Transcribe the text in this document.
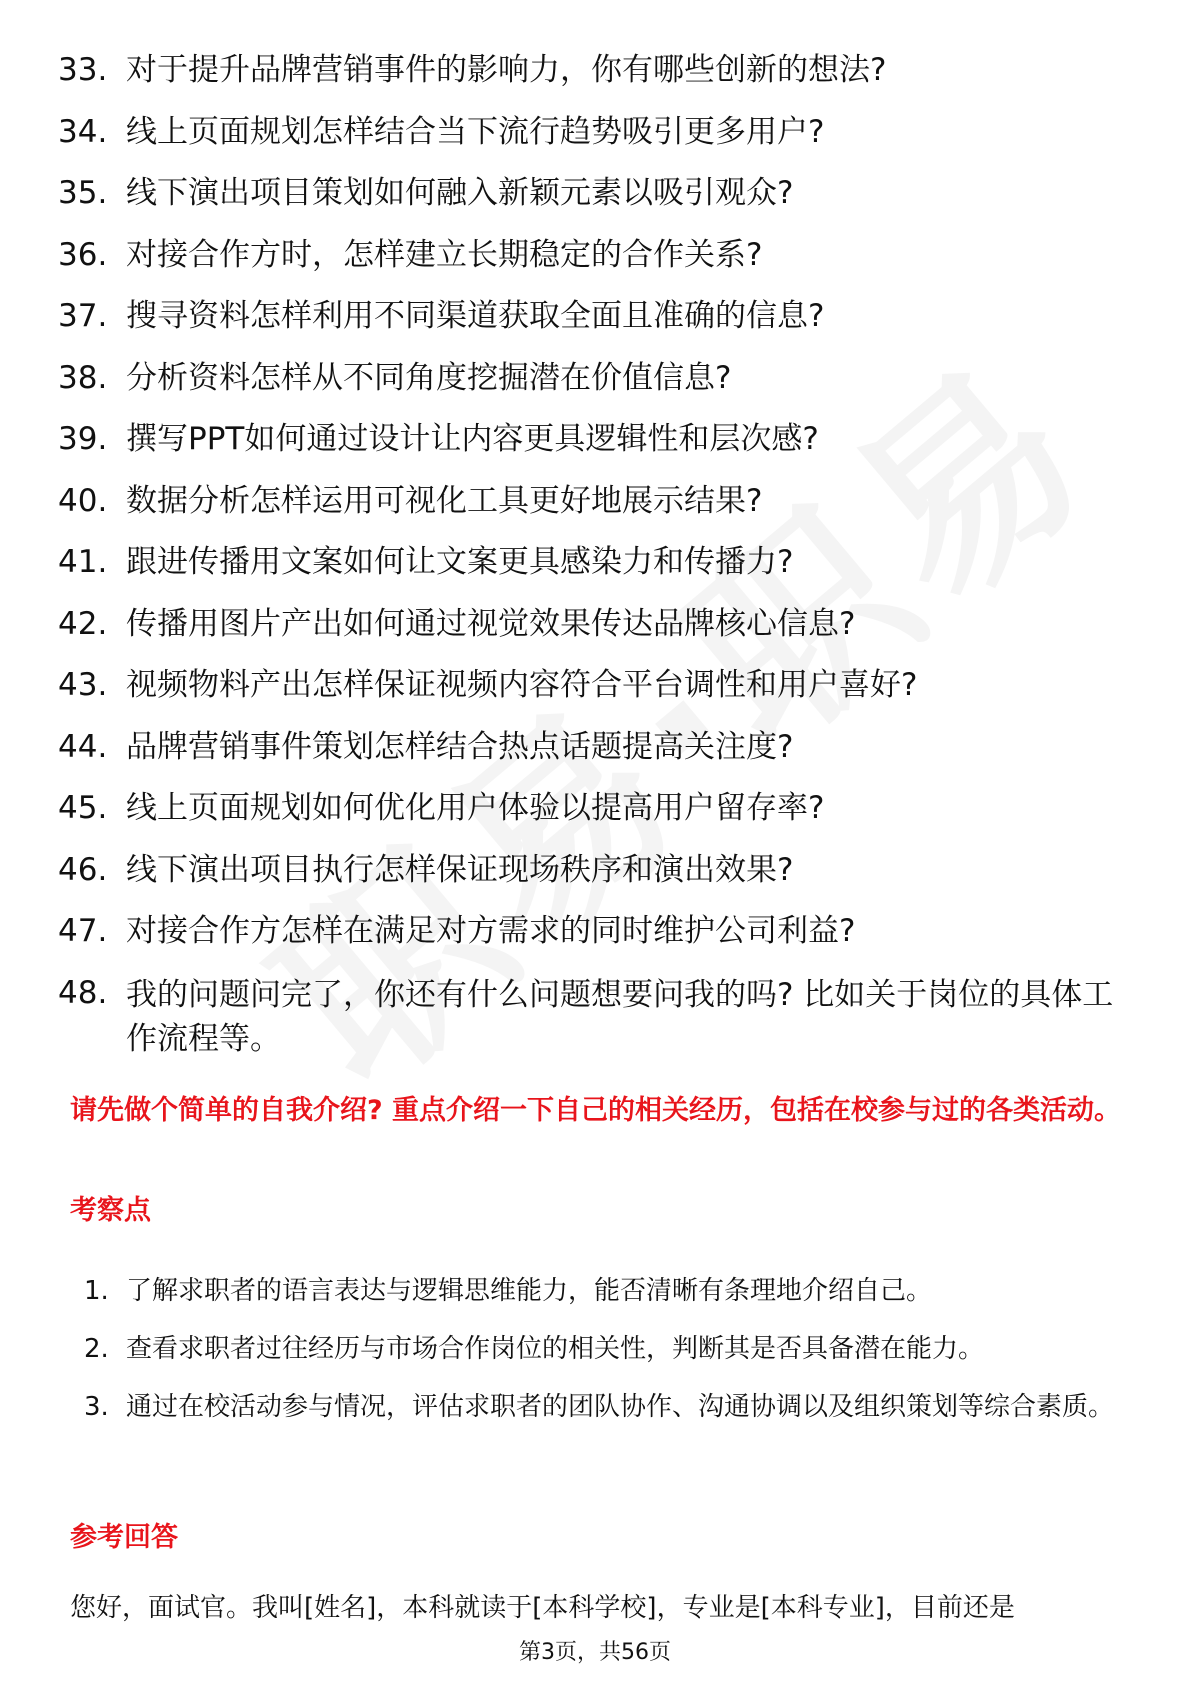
33. 对于提升品牌营销事件的影响力，你有哪些创新的想法?
34. 线上页面规划怎样结合当下流行趋势吸引更多用户?
35. 线下演出项目策划如何融入新颖元素以吸引观众?
36. 对接合作方时，怎样建立长期稳定的合作关系?
37. 搜寻资料怎样利用不同渠道获取全面且准确的信息?
38. 分析资料怎样从不同角度挖掘潜在价值信息?
39. 撰写PPT如何通过设计让内容更具逻辑性和层次感?
40. 数据分析怎样运用可视化工具更好地展示结果?
41. 跟进传播用文案如何让文案更具感染力和传播力?
42. 传播用图片产出如何通过视觉效果传达品牌核心信息?
43. 视频物料产出怎样保证视频内容符合平台调性和用户喜好?
44. 品牌营销事件策划怎样结合热点话题提高关注度?
45. 线上页面规划如何优化用户体验以提高用户留存率?
46. 线下演出项目执行怎样保证现场秩序和演出效果?
47. 对接合作方怎样在满足对方需求的同时维护公司利益?
48. 我的问题问完了，你还有什么问题想要问我的吗? 比如关于岗位的具体工作流程等。
请先做个简单的自我介绍? 重点介绍一下自己的相关经历，包括在校参与过的各类活动。
考察点
1. 了解求职者的语言表达与逻辑思维能力，能否清晰有条理地介绍自己。
2. 查看求职者过往经历与市场合作岗位的相关性，判断其是否具备潜在能力。
3. 通过在校活动参与情况，评估求职者的团队协作、沟通协调以及组织策划等综合素质。
参考回答
您好，面试官。我叫[姓名]，本科就读于[本科学校]，专业是[本科专业]，目前还是
第3页，共56页
